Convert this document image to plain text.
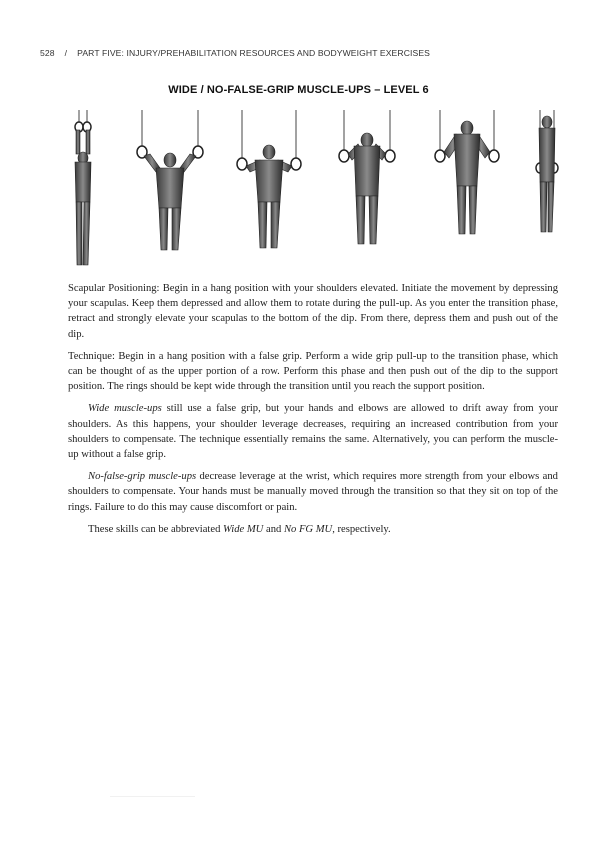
528 / PART FIVE: INJURY/PREHABILITATION RESOURCES AND BODYWEIGHT EXERCISES
WIDE / NO-FALSE-GRIP MUSCLE-UPS – LEVEL 6

Scapular Positioning: Begin in a hang position with your shoulders elevated. Initiate the movement by depressing your scapulas. Keep them depressed and allow them to rotate during the pull-up. As you enter the transition phase, retract and strongly elevate your scapulas to the bottom of the dip. From there, depress them and push out of the dip.

Technique: Begin in a hang position with a false grip. Perform a wide grip pull-up to the transition phase, which can be thought of as the upper portion of a row. Perform this phase and then push out of the dip to the support position. The rings should be kept wide through the transition until you reach the support position.

Wide muscle-ups still use a false grip, but your hands and elbows are allowed to drift away from your shoulders. As this happens, your shoulder leverage decreases, requiring an increased contribution from your shoulders to compensate. The technique essentially remains the same. Alternatively, you can perform the muscle-up without a false grip.

No-false-grip muscle-ups decrease leverage at the wrist, which requires more strength from your elbows and shoulders to compensate. Your hands must be manually moved through the transition so that they sit on top of the rings. Failure to do this may cause discomfort or pain.

These skills can be abbreviated Wide MU and No FG MU, respectively.
